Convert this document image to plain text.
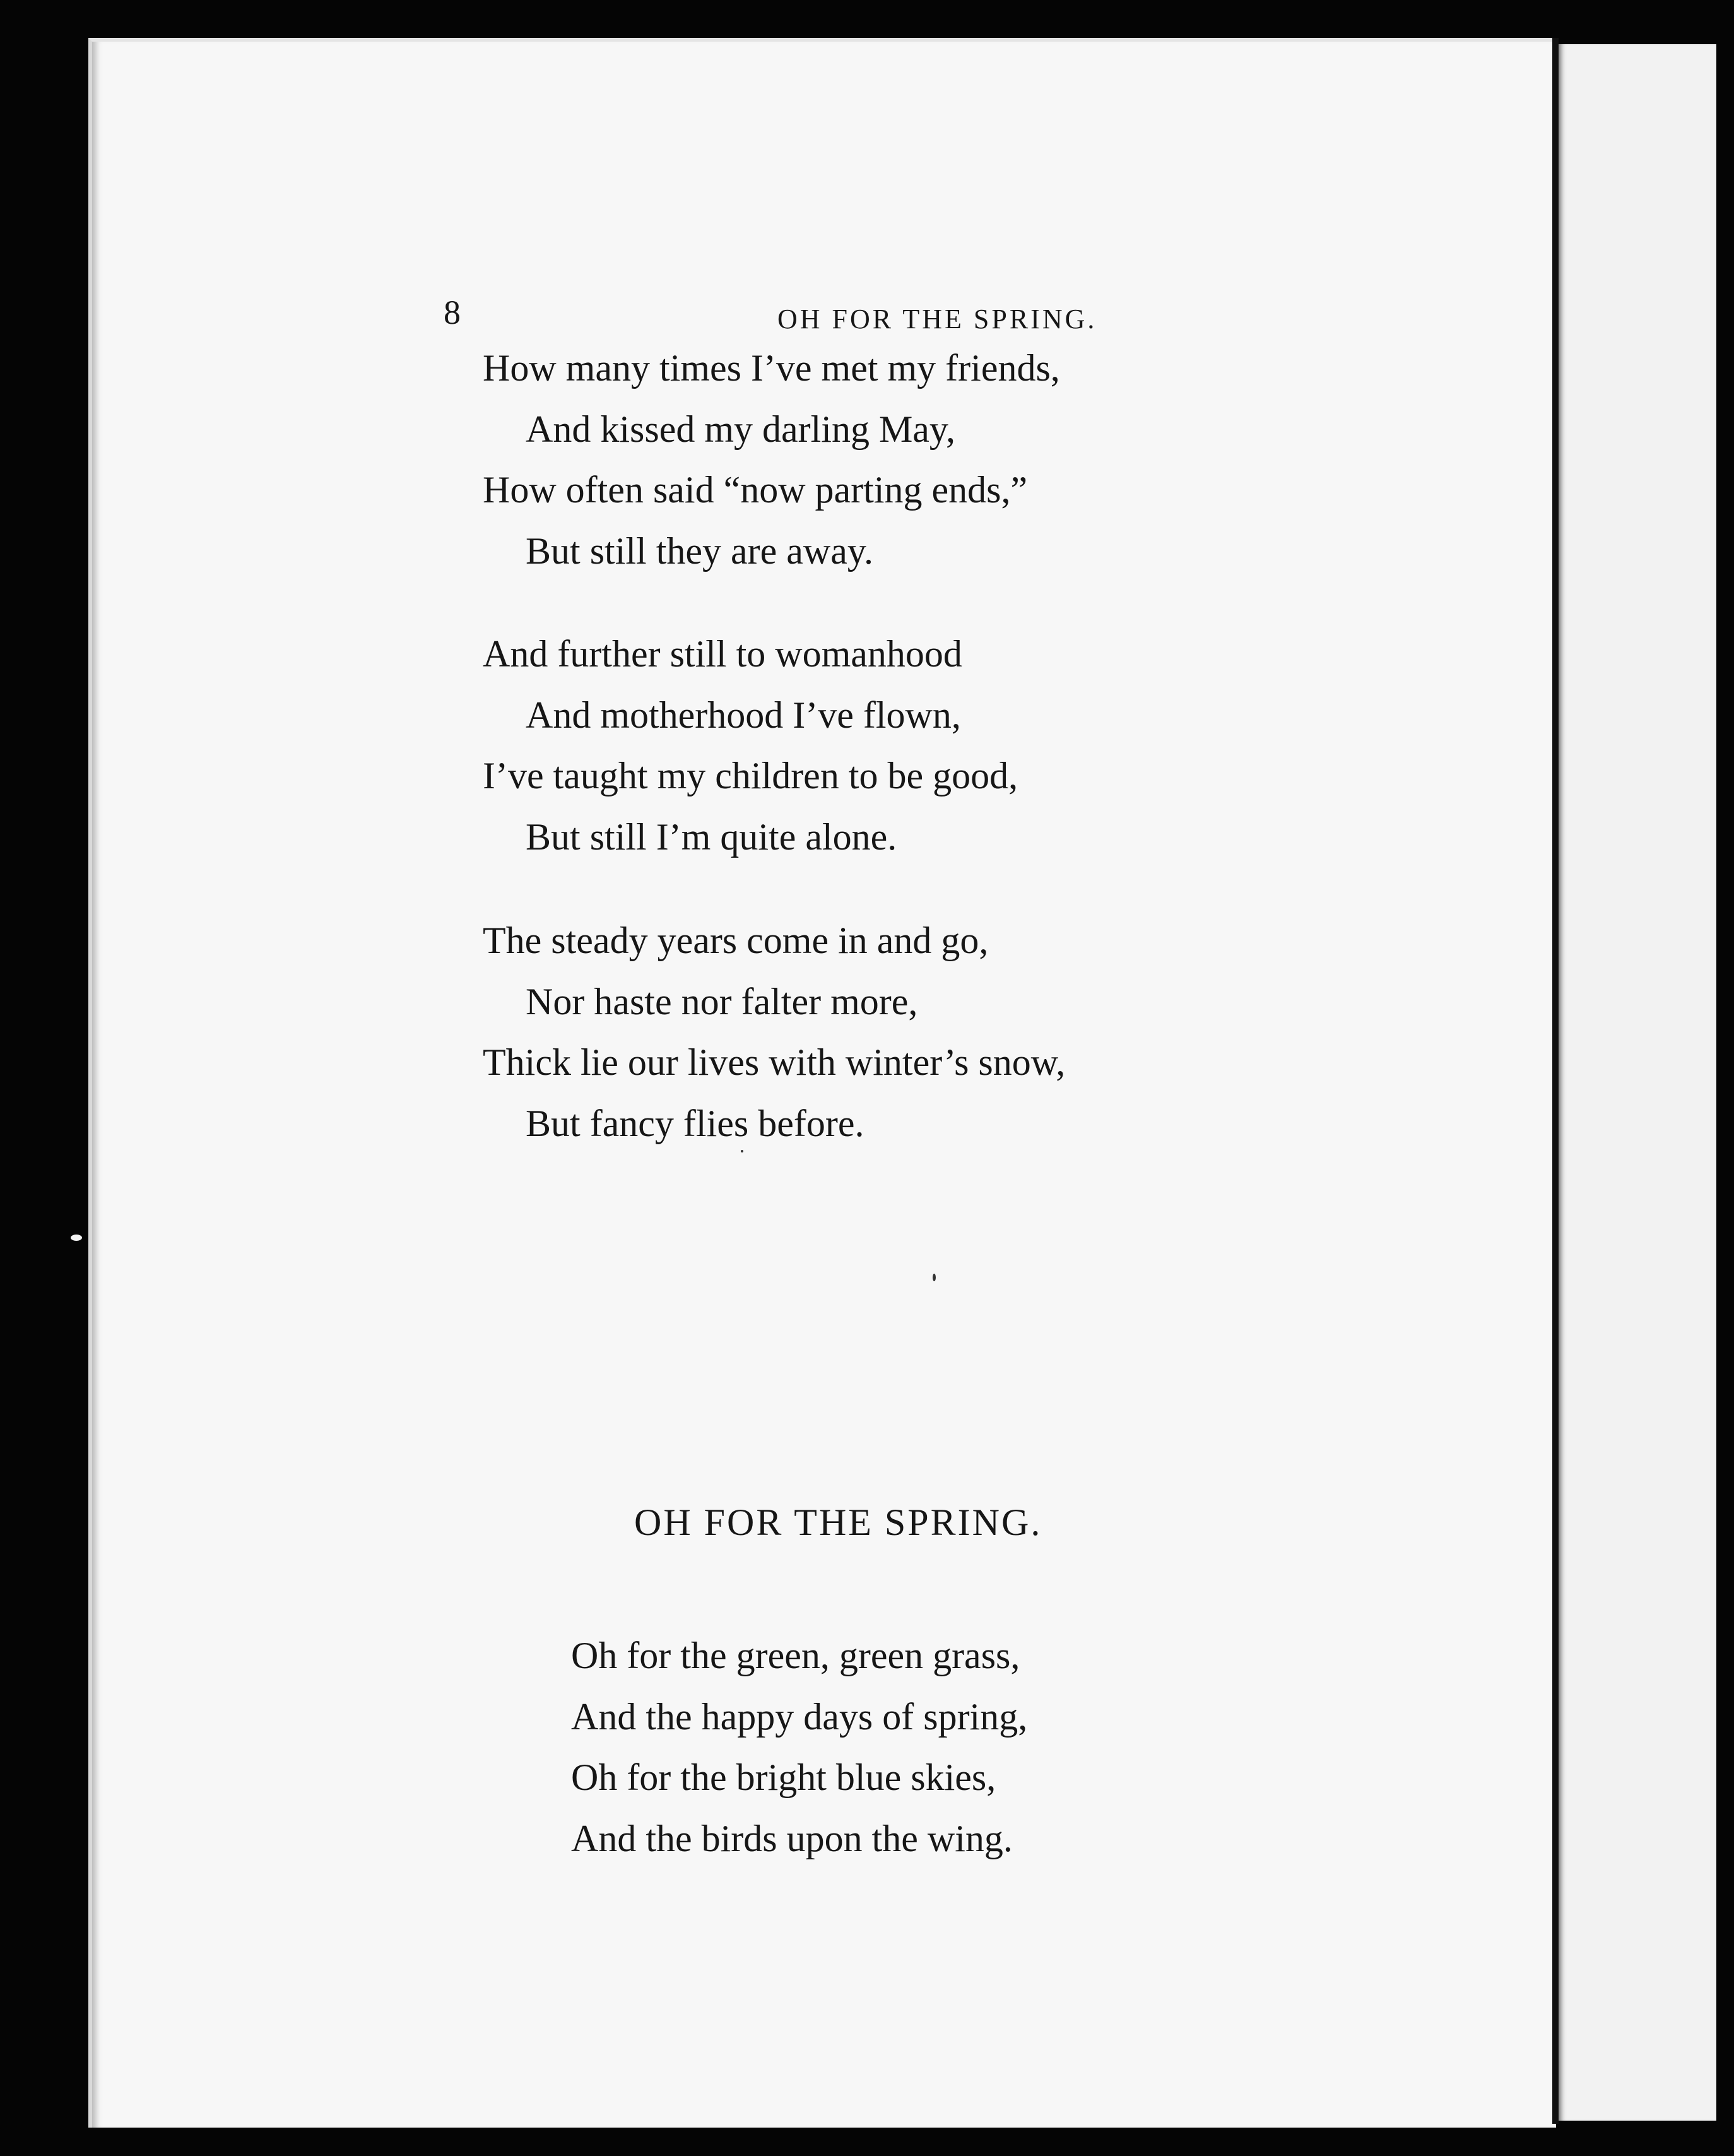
8	OH FOR THE SPRING.
How many times I’ve met my friends,
And kissed my darling May,
How often said “now parting ends,”
But still they are away.
And further still to womanhood
And motherhood I’ve flown,
I’ve taught my children to be good,
But still I’m quite alone.
The steady years come in and go,
Nor haste nor falter more,
Thick lie our lives with winter’s snow,
But fancy flies before.
OH FOR THE SPRING.
Oh for the green, green grass,
And the happy days of spring,
Oh for the bright blue skies,
And the birds upon the wing.
